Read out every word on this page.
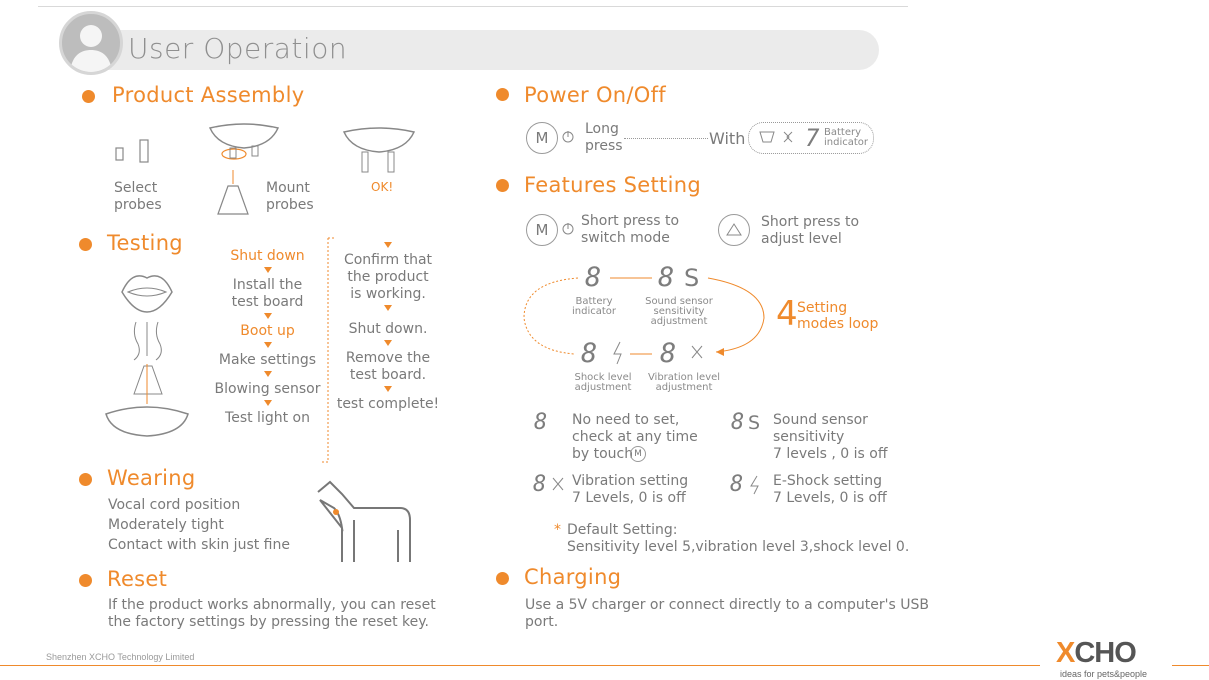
User Operation
Product Assembly
Select
probes
Mount
probes
OK!
Testing
Shut down
Install the
test board
Boot up
Make settings
Blowing sensor
Test light on
Confirm that
the product
is working.
Shut down.
Remove the
test board.
test complete!
Wearing
Vocal cord position
Moderately tight
Contact with skin just fine
Reset
If the product works abnormally, you can reset
the factory settings by pressing the reset key.
Power On/Off
M	Long
press	With 7 Battery
indicator
Features Setting
M	Short press to
switch mode
Short press to
adjust level
8
Battery
indicator
8 S
Sound sensor
sensitivity
adjustment
8
Shock level
adjustment
8
Vibration level
adjustment
4 Setting
modes loop
8 No need to set,
check at any time
by touch M
8 S Sound sensor
sensitivity
7 levels , 0 is off
8 Vibration setting
7 Levels, 0 is off
8 E-Shock setting
7 Levels, 0 is off
* Default Setting:
Sensitivity level 5,vibration level 3,shock level 0.
Charging
Use a 5V charger or connect directly to a computer's USB
port.
Shenzhen XCHO Technology Limited	XCHO
ideas for pets&people
